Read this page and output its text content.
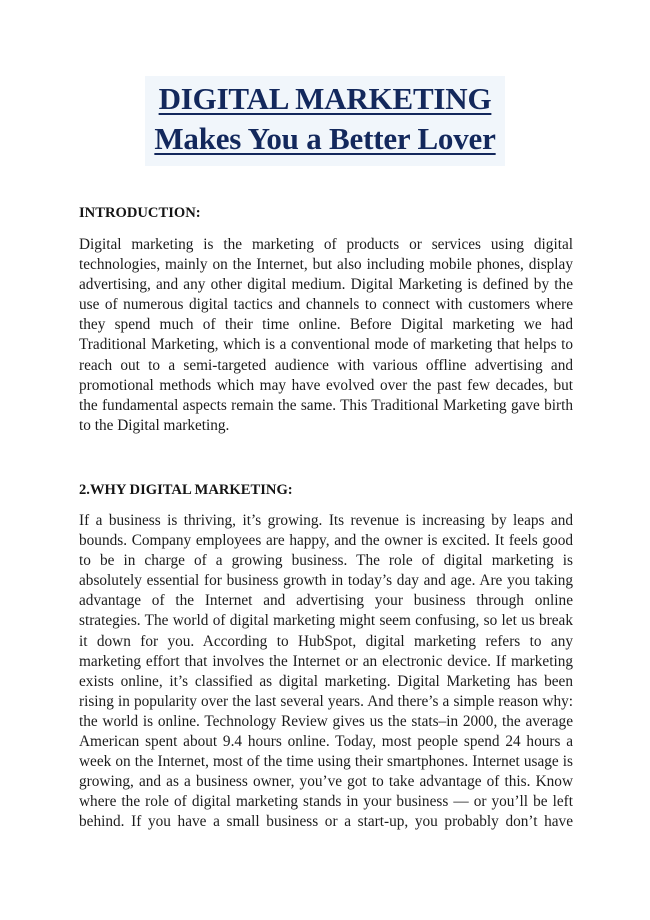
DIGITAL MARKETING
Makes You a Better Lover
INTRODUCTION:
Digital marketing is the marketing of products or services using digital
technologies, mainly on the Internet, but also including mobile phones, display
advertising, and any other digital medium. Digital Marketing is defined by the
use of numerous digital tactics and channels to connect with customers where
they spend much of their time online. Before Digital marketing we had
Traditional Marketing, which is a conventional mode of marketing that helps to
reach out to a semi-targeted audience with various offline advertising and
promotional methods which may have evolved over the past few decades, but
the fundamental aspects remain the same. This Traditional Marketing gave birth
to the Digital marketing.
2.WHY DIGITAL MARKETING:
If a business is thriving, it’s growing. Its revenue is increasing by leaps and
bounds. Company employees are happy, and the owner is excited. It feels good
to be in charge of a growing business. The role of digital marketing is
absolutely essential for business growth in today’s day and age. Are you taking
advantage of the Internet and advertising your business through online
strategies. The world of digital marketing might seem confusing, so let us break
it down for you. According to HubSpot, digital marketing refers to any
marketing effort that involves the Internet or an electronic device. If marketing
exists online, it’s classified as digital marketing. Digital Marketing has been
rising in popularity over the last several years. And there’s a simple reason why:
the world is online. Technology Review gives us the stats–in 2000, the average
American spent about 9.4 hours online. Today, most people spend 24 hours a
week on the Internet, most of the time using their smartphones. Internet usage is
growing, and as a business owner, you’ve got to take advantage of this. Know
where the role of digital marketing stands in your business — or you’ll be left
behind. If you have a small business or a start-up, you probably don’t have
